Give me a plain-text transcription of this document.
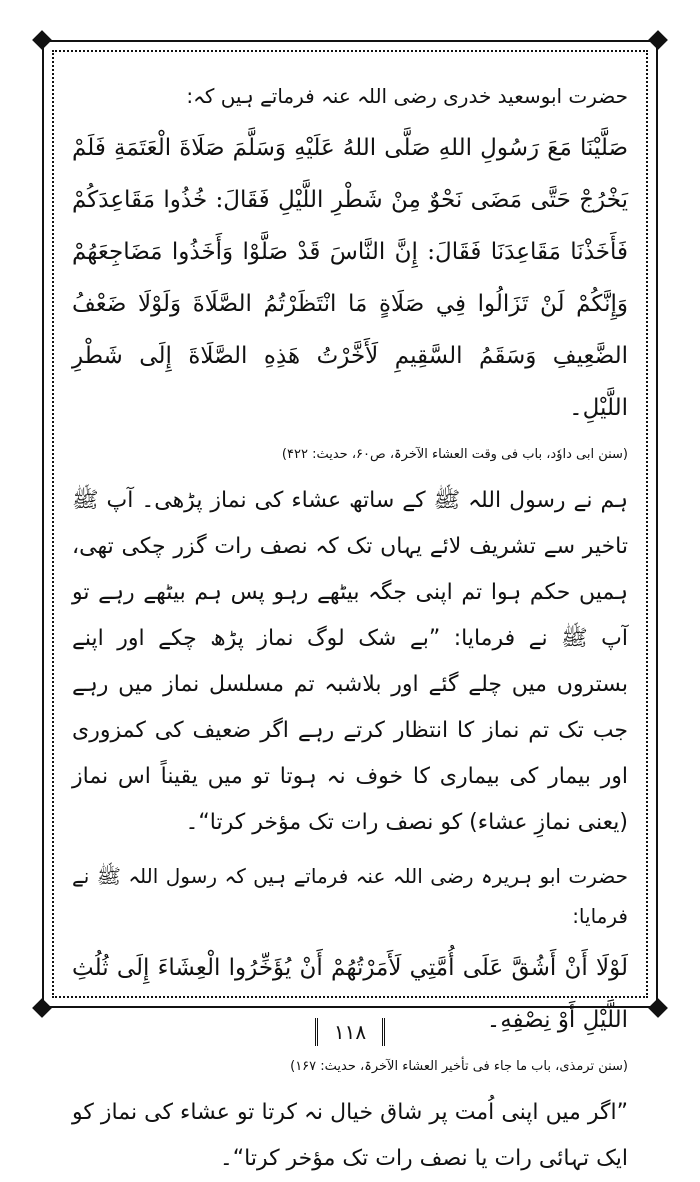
حضرت ابوسعید خدری رضی اللہ عنہ فرماتے ہیں کہ:

صَلَّيْنَا مَعَ رَسُولِ اللهِ صَلَّى اللهُ عَلَيْهِ وَسَلَّمَ صَلَاةَ الْعَتَمَةِ فَلَمْ يَخْرُجْ حَتَّى مَضَى نَحْوٌ مِنْ شَطْرِ اللَّيْلِ فَقَالَ: خُذُوا مَقَاعِدَكُمْ فَأَخَذْنَا مَقَاعِدَنَا فَقَالَ: إِنَّ النَّاسَ قَدْ صَلَّوْا وَأَخَذُوا مَضَاجِعَهُمْ وَإِنَّكُمْ لَنْ تَزَالُوا فِي صَلَاةٍ مَا انْتَظَرْتُمُ الصَّلَاةَ وَلَوْلَا ضَعْفُ الضَّعِيفِ وَسَقَمُ السَّقِيمِ لَأَخَّرْتُ هَذِهِ الصَّلَاةَ إِلَى شَطْرِ اللَّيْلِ۔

(سنن ابی داوٗد، باب فی وقت العشاء الآخرۃ، ص۶۰، حدیث: ۴۲۲)

ہم نے رسول اللہ ﷺ کے ساتھ عشاء کی نماز پڑھی۔ آپ ﷺ تاخیر سے تشریف لائے یہاں تک کہ نصف رات گزر چکی تھی، ہمیں حکم ہوا تم اپنی جگہ بیٹھے رہو پس ہم بیٹھے رہے تو آپ ﷺ نے فرمایا: ”بے شک لوگ نماز پڑھ چکے اور اپنے بستروں میں چلے گئے اور بلاشبہ تم مسلسل نماز میں رہے جب تک تم نماز کا انتظار کرتے رہے اگر ضعیف کی کمزوری اور بیمار کی بیماری کا خوف نہ ہوتا تو میں یقیناً اس نماز (یعنی نمازِ عشاء) کو نصف رات تک مؤخر کرتا“۔

حضرت ابو ہریرہ رضی اللہ عنہ فرماتے ہیں کہ رسول اللہ ﷺ نے فرمایا:

لَوْلَا أَنْ أَشُقَّ عَلَى أُمَّتِي لَأَمَرْتُهُمْ أَنْ يُؤَخِّرُوا الْعِشَاءَ إِلَى ثُلُثِ اللَّيْلِ أَوْ نِصْفِهِ۔

(سنن ترمذی، باب ما جاء فی تأخیر العشاء الآخرۃ، حدیث: ۱۶۷)

”اگر میں اپنی اُمت پر شاق خیال نہ کرتا تو عشاء کی نماز کو ایک تہائی رات یا نصف رات تک مؤخر کرتا“۔

۱۱۸
